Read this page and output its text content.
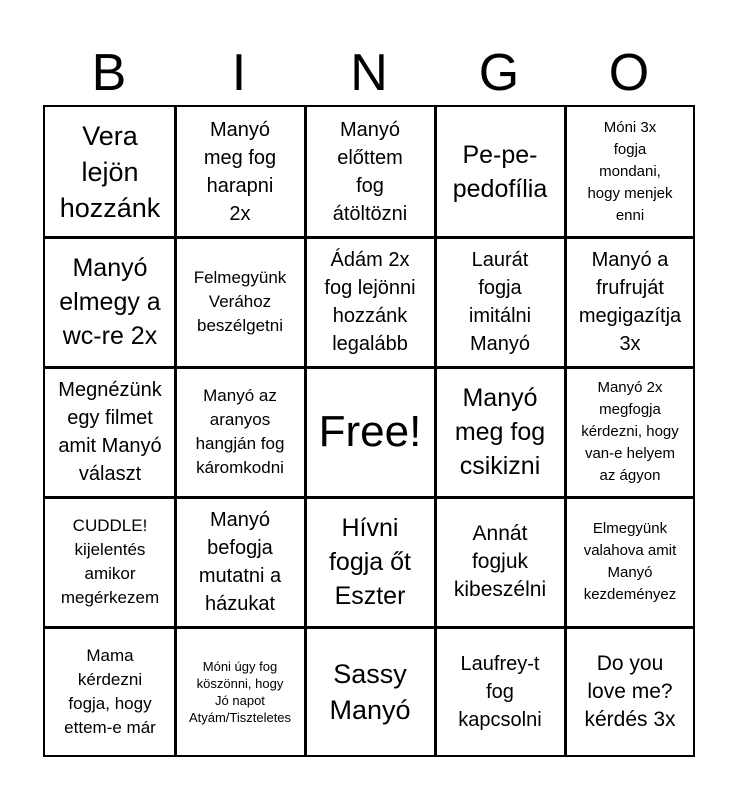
B	I	N	G	O
Vera
lejön
hozzánk
Manyó
meg fog
harapni
2x
Manyó
előttem
fog
átöltözni
Pe-pe-
pedofília
Móni 3x
fogja
mondani,
hogy menjek
enni
Manyó
elmegy a
wc-re 2x
Felmegyünk
Verához
beszélgetni
Ádám 2x
fog lejönni
hozzánk
legalább
Laurát
fogja
imitálni
Manyó
Manyó a
frufruját
megigazítja
3x
Megnézünk
egy filmet
amit Manyó
választ
Manyó az
aranyos
hangján fog
káromkodni
Free!
Manyó
meg fog
csikizni
Manyó 2x
megfogja
kérdezni, hogy
van-e helyem
az ágyon
CUDDLE!
kijelentés
amikor
megérkezem
Manyó
befogja
mutatni a
házukat
Hívni
fogja őt
Eszter
Annát
fogjuk
kibeszélni
Elmegyünk
valahova amit
Manyó
kezdeményez
Mama
kérdezni
fogja, hogy
ettem-e már
Móni úgy fog
köszönni, hogy
Jó napot
Atyám/Tiszteletes
Sassy
Manyó
Laufrey-t
fog
kapcsolni
Do you
love me?
kérdés 3x
